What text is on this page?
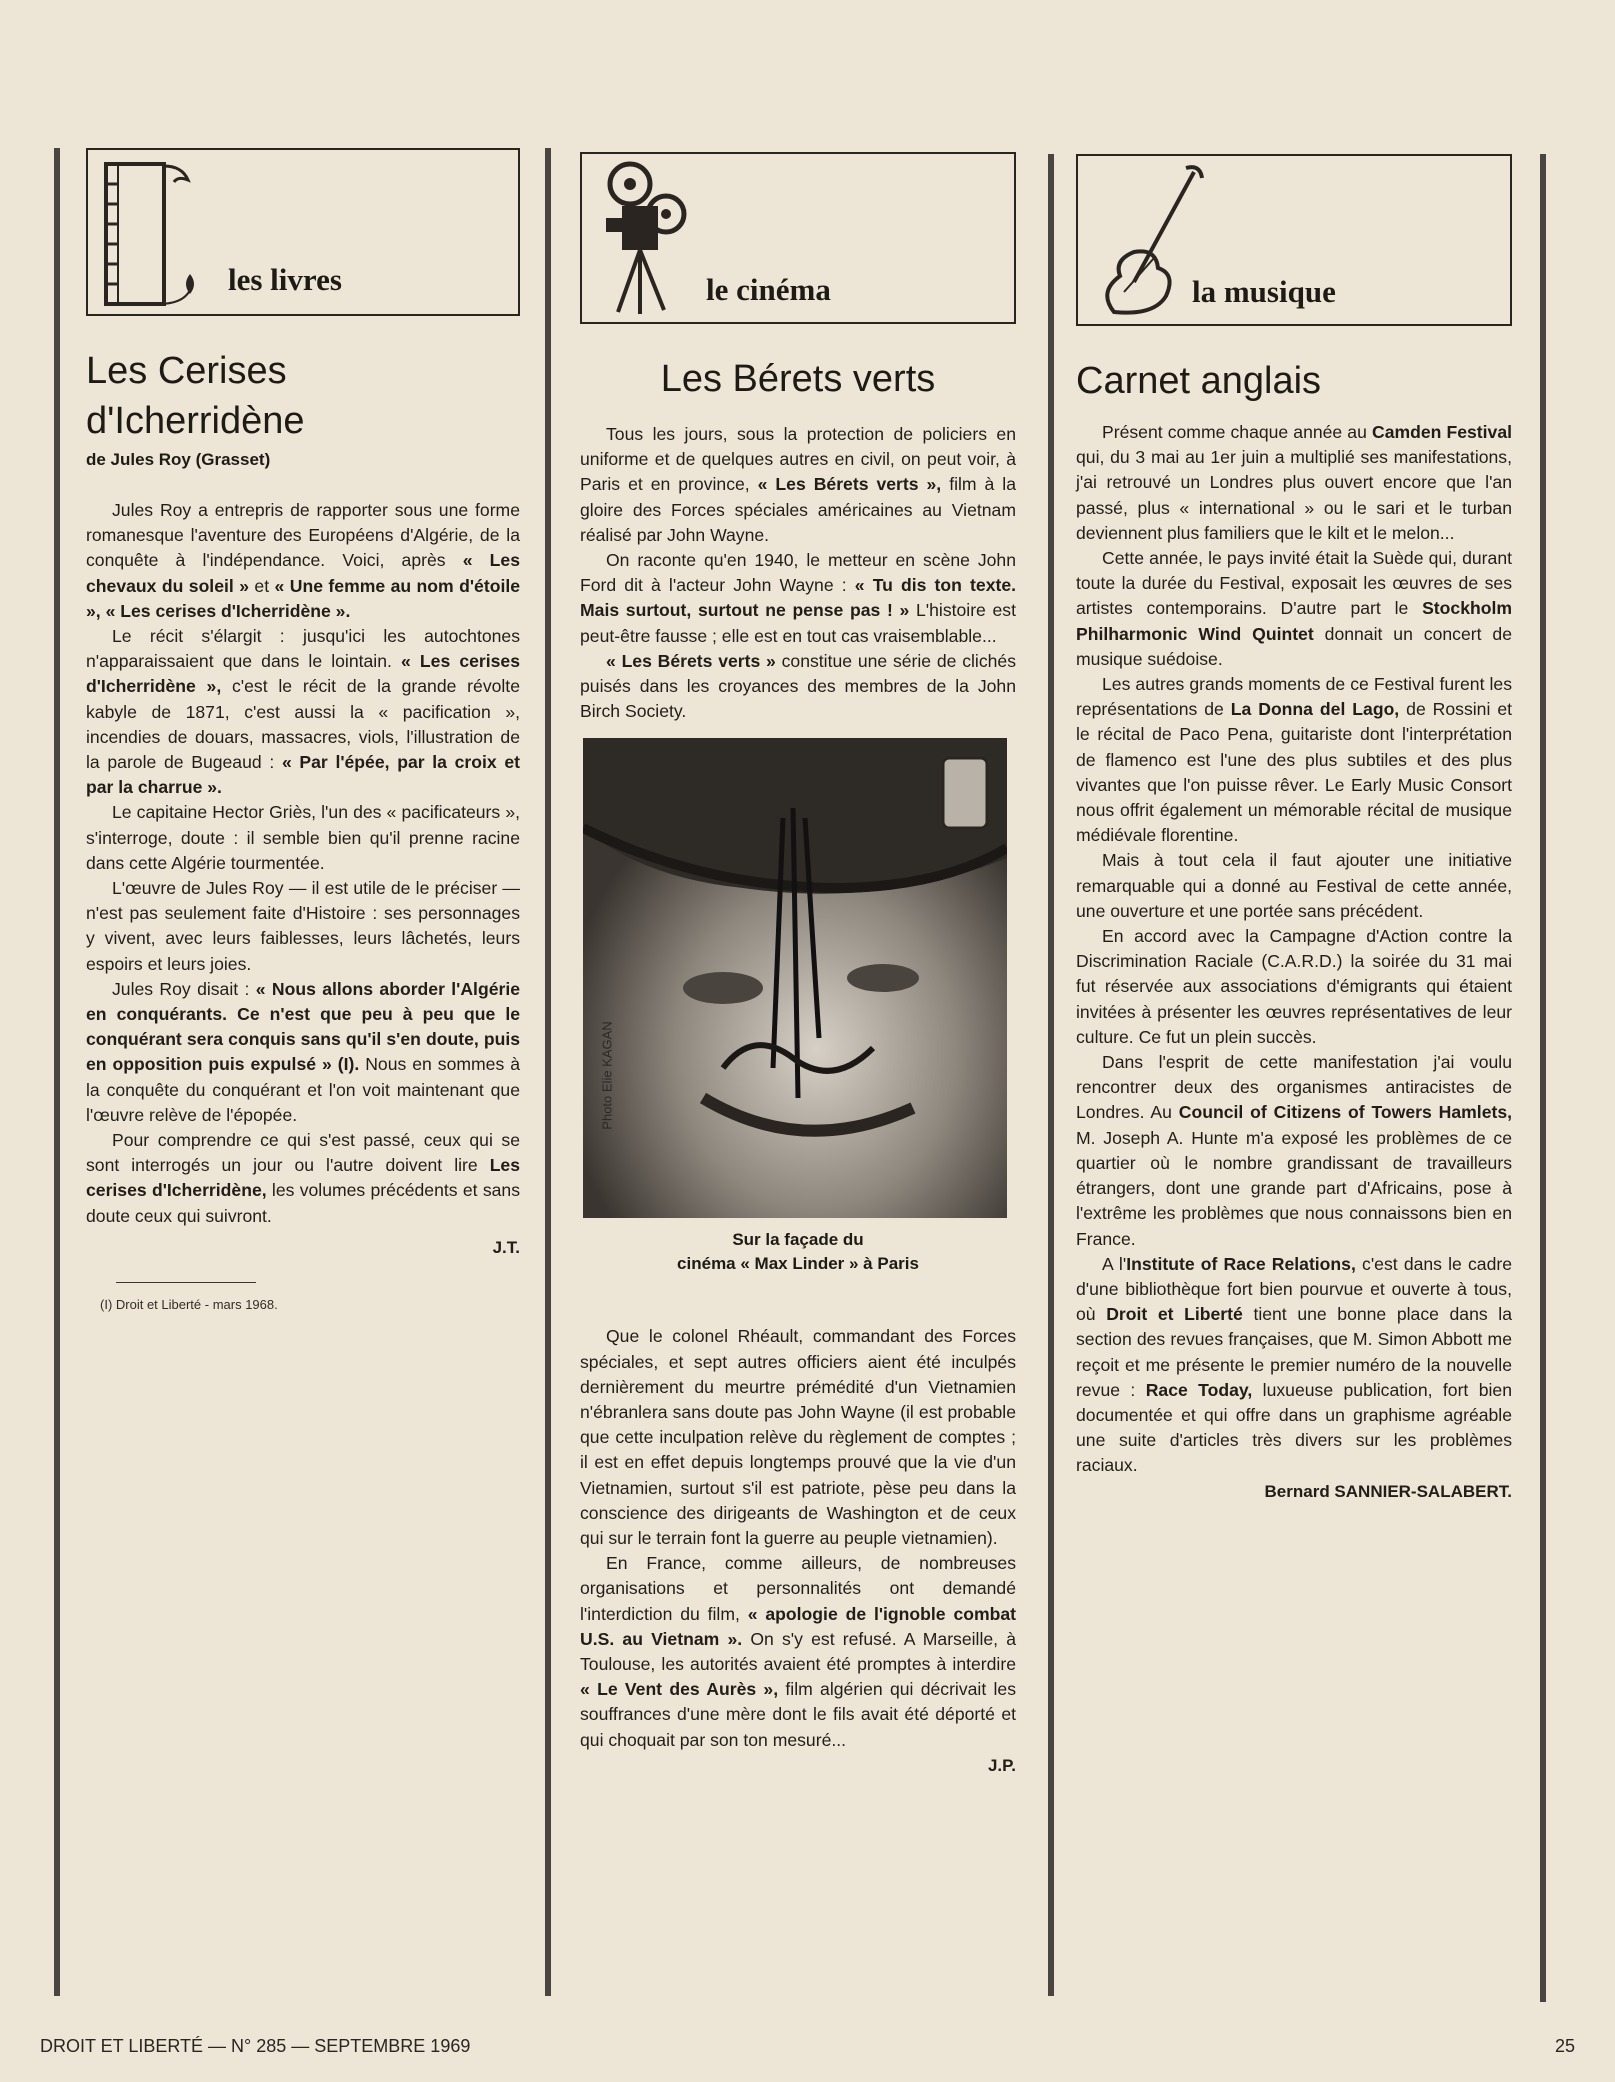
les livres
Les Cerises
d'Icherridène
de Jules Roy (Grasset)

Jules Roy a entrepris de rapporter sous une forme romanesque l'aventure des Européens d'Algérie, de la conquête à l'indépendance. Voici, après « Les chevaux du soleil » et « Une femme au nom d'étoile », « Les cerises d'Icherridène ».

Le récit s'élargit : jusqu'ici les autochtones n'apparaissaient que dans le lointain. « Les cerises d'Icherridène », c'est le récit de la grande révolte kabyle de 1871, c'est aussi la « pacification », incendies de douars, massacres, viols, l'illustration de la parole de Bugeaud : « Par l'épée, par la croix et par la charrue ».

Le capitaine Hector Griès, l'un des « pacificateurs », s'interroge, doute : il semble bien qu'il prenne racine dans cette Algérie tourmentée.

L'œuvre de Jules Roy — il est utile de le préciser — n'est pas seulement faite d'Histoire : ses personnages y vivent, avec leurs faiblesses, leurs lâchetés, leurs espoirs et leurs joies.

Jules Roy disait : « Nous allons aborder l'Algérie en conquérants. Ce n'est que peu à peu que le conquérant sera conquis sans qu'il s'en doute, puis en opposition puis expulsé » (I). Nous en sommes à la conquête du conquérant et l'on voit maintenant que l'œuvre relève de l'épopée.

Pour comprendre ce qui s'est passé, ceux qui se sont interrogés un jour ou l'autre doivent lire Les cerises d'Icherridène, les volumes précédents et sans doute ceux qui suivront.

J.T.

(I) Droit et Liberté - mars 1968.
le cinéma
Les Bérets verts

Tous les jours, sous la protection de policiers en uniforme et de quelques autres en civil, on peut voir, à Paris et en province, « Les Bérets verts », film à la gloire des Forces spéciales américaines au Vietnam réalisé par John Wayne.

On raconte qu'en 1940, le metteur en scène John Ford dit à l'acteur John Wayne : « Tu dis ton texte. Mais surtout, surtout ne pense pas ! » L'histoire est peut-être fausse ; elle est en tout cas vraisemblable...

« Les Bérets verts » constitue une série de clichés puisés dans les croyances des membres de la John Birch Society.

Photo Elie KAGAN
Sur la façade du
cinéma « Max Linder » à Paris

Que le colonel Rhéault, commandant des Forces spéciales, et sept autres officiers aient été inculpés dernièrement du meurtre prémédité d'un Vietnamien n'ébranlera sans doute pas John Wayne (il est probable que cette inculpation relève du règlement de comptes ; il est en effet depuis longtemps prouvé que la vie d'un Vietnamien, surtout s'il est patriote, pèse peu dans la conscience des dirigeants de Washington et de ceux qui sur le terrain font la guerre au peuple vietnamien).

En France, comme ailleurs, de nombreuses organisations et personnalités ont demandé l'interdiction du film, « apologie de l'ignoble combat U.S. au Vietnam ». On s'y est refusé. A Marseille, à Toulouse, les autorités avaient été promptes à interdire « Le Vent des Aurès », film algérien qui décrivait les souffrances d'une mère dont le fils avait été déporté et qui choquait par son ton mesuré...

J.P.

la musique
Carnet anglais

Présent comme chaque année au Camden Festival qui, du 3 mai au 1er juin a multiplié ses manifestations, j'ai retrouvé un Londres plus ouvert encore que l'an passé, plus « international » ou le sari et le turban deviennent plus familiers que le kilt et le melon...

Cette année, le pays invité était la Suède qui, durant toute la durée du Festival, exposait les œuvres de ses artistes contemporains. D'autre part le Stockholm Philharmonic Wind Quintet donnait un concert de musique suédoise.

Les autres grands moments de ce Festival furent les représentations de La Donna del Lago, de Rossini et le récital de Paco Pena, guitariste dont l'interprétation de flamenco est l'une des plus subtiles et des plus vivantes que l'on puisse rêver. Le Early Music Consort nous offrit également un mémorable récital de musique médiévale florentine.

Mais à tout cela il faut ajouter une initiative remarquable qui a donné au Festival de cette année, une ouverture et une portée sans précédent.

En accord avec la Campagne d'Action contre la Discrimination Raciale (C.A.R.D.) la soirée du 31 mai fut réservée aux associations d'émigrants qui étaient invitées à présenter les œuvres représentatives de leur culture. Ce fut un plein succès.

Dans l'esprit de cette manifestation j'ai voulu rencontrer deux des organismes antiracistes de Londres. Au Council of Citizens of Towers Hamlets, M. Joseph A. Hunte m'a exposé les problèmes de ce quartier où le nombre grandissant de travailleurs étrangers, dont une grande part d'Africains, pose à l'extrême les problèmes que nous connaissons bien en France.

A l'Institute of Race Relations, c'est dans le cadre d'une bibliothèque fort bien pourvue et ouverte à tous, où Droit et Liberté tient une bonne place dans la section des revues françaises, que M. Simon Abbott me reçoit et me présente le premier numéro de la nouvelle revue : Race Today, luxueuse publication, fort bien documentée et qui offre dans un graphisme agréable une suite d'articles très divers sur les problèmes raciaux.

Bernard SANNIER-SALABERT.

DROIT ET LIBERTÉ — N° 285 — SEPTEMBRE 1969	25
